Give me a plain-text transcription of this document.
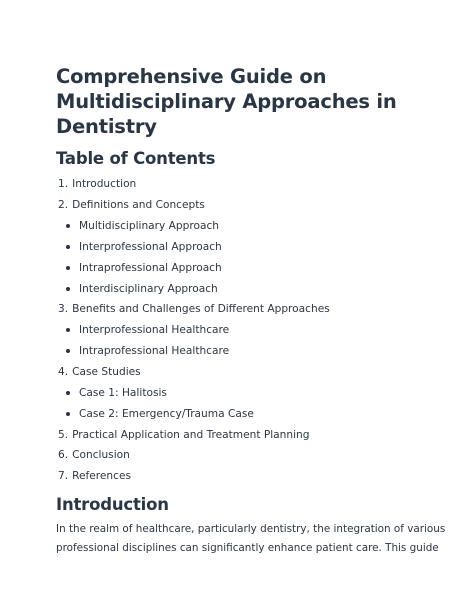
Comprehensive Guide on Multidisciplinary Approaches in Dentistry
Table of Contents
1. Introduction
2. Definitions and Concepts
Multidisciplinary Approach
Interprofessional Approach
Intraprofessional Approach
Interdisciplinary Approach
3. Benefits and Challenges of Different Approaches
Interprofessional Healthcare
Intraprofessional Healthcare
4. Case Studies
Case 1: Halitosis
Case 2: Emergency/Trauma Case
5. Practical Application and Treatment Planning
6. Conclusion
7. References
Introduction

In the realm of healthcare, particularly dentistry, the integration of various
professional disciplines can significantly enhance patient care. This guide
